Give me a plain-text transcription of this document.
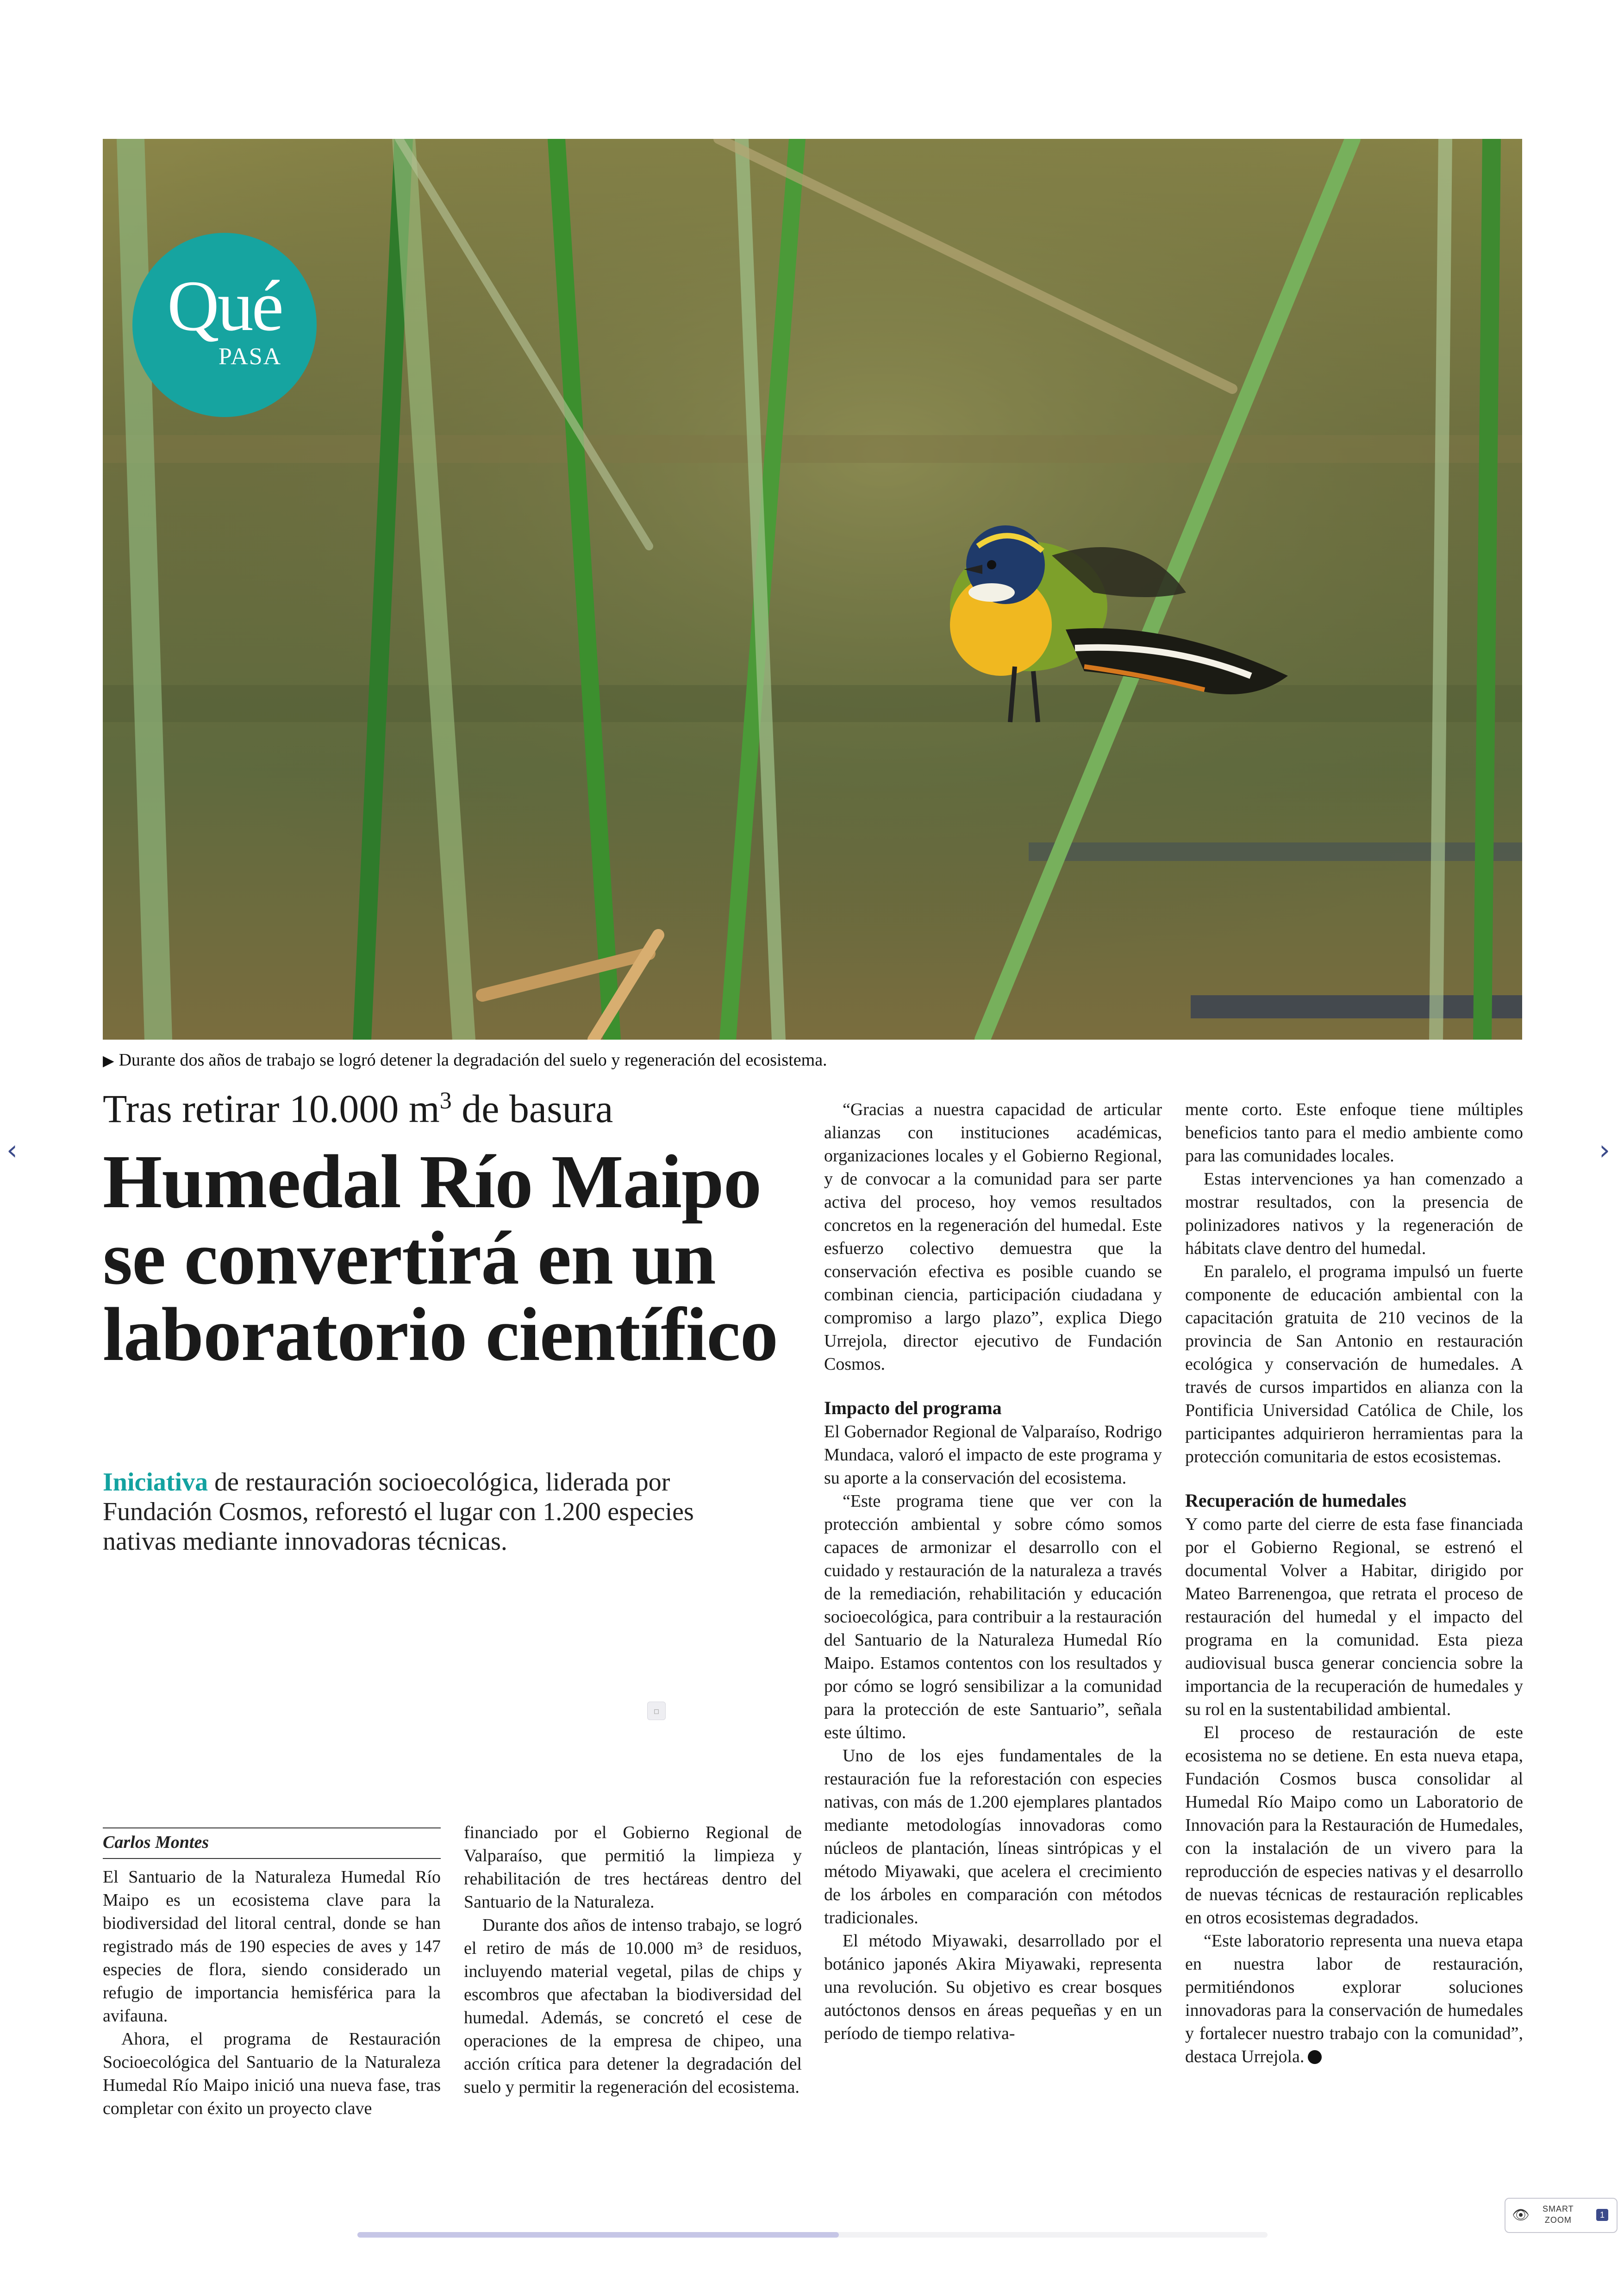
Qué
PASA
▶ Durante dos años de trabajo se logró detener la degradación del suelo y regeneración del ecosistema.
Tras retirar 10.000 $m^3$ de basura
Humedal Río Maipo se convertirá en un laboratorio científico
Iniciativa de restauración socioecológica, liderada por Fundación Cosmos, reforestó el lugar con 1.200 especies nativas mediante innovadoras técnicas.
▫
Carlos Montes

El Santuario de la Naturaleza Humedal Río Maipo es un ecosistema clave para la biodiversidad del litoral central, donde se han registrado más de 190 especies de aves y 147 especies de flora, siendo considerado un refugio de importancia hemisférica para la avifauna.

Ahora, el programa de Restauración Socioecológica del Santuario de la Naturaleza Humedal Río Maipo inició una nueva fase, tras completar con éxito un proyecto clave

financiado por el Gobierno Regional de Valparaíso, que permitió la limpieza y rehabilitación de tres hectáreas dentro del Santuario de la Naturaleza.

Durante dos años de intenso trabajo, se logró el retiro de más de 10.000 m³ de residuos, incluyendo material vegetal, pilas de chips y escombros que afectaban la biodiversidad del humedal. Además, se concretó el cese de operaciones de la empresa de chipeo, una acción crítica para detener la degradación del suelo y permitir la regeneración del ecosistema.

“Gracias a nuestra capacidad de articular alianzas con instituciones académicas, organizaciones locales y el Gobierno Regional, y de convocar a la comunidad para ser parte activa del proceso, hoy vemos resultados concretos en la regeneración del humedal. Este esfuerzo colectivo demuestra que la conservación efectiva es posible cuando se combinan ciencia, participación ciudadana y compromiso a largo plazo”, explica Diego Urrejola, director ejecutivo de Fundación Cosmos.

Impacto del programa

El Gobernador Regional de Valparaíso, Rodrigo Mundaca, valoró el impacto de este programa y su aporte a la conservación del ecosistema.

“Este programa tiene que ver con la protección ambiental y sobre cómo somos capaces de armonizar el desarrollo con el cuidado y restauración de la naturaleza a través de la remediación, rehabilitación y educación socioecológica, para contribuir a la restauración del Santuario de la Naturaleza Humedal Río Maipo. Estamos contentos con los resultados y por cómo se logró sensibilizar a la comunidad para la protección de este Santuario”, señala este último.

Uno de los ejes fundamentales de la restauración fue la reforestación con especies nativas, con más de 1.200 ejemplares plantados mediante metodologías innovadoras como núcleos de plantación, líneas sintrópicas y el método Miyawaki, que acelera el crecimiento de los árboles en comparación con métodos tradicionales.

El método Miyawaki, desarrollado por el botánico japonés Akira Miyawaki, representa una revolución. Su objetivo es crear bosques autóctonos densos en áreas pequeñas y en un período de tiempo relativa-

mente corto. Este enfoque tiene múltiples beneficios tanto para el medio ambiente como para las comunidades locales.

Estas intervenciones ya han comenzado a mostrar resultados, con la presencia de polinizadores nativos y la regeneración de hábitats clave dentro del humedal.

En paralelo, el programa impulsó un fuerte componente de educación ambiental con la capacitación gratuita de 210 vecinos de la provincia de San Antonio en restauración ecológica y conservación de humedales. A través de cursos impartidos en alianza con la Pontificia Universidad Católica de Chile, los participantes adquirieron herramientas para la protección comunitaria de estos ecosistemas.

Recuperación de humedales

Y como parte del cierre de esta fase financiada por el Gobierno Regional, se estrenó el documental Volver a Habitar, dirigido por Mateo Barrenengoa, que retrata el proceso de restauración del humedal y el impacto del programa en la comunidad. Esta pieza audiovisual busca generar conciencia sobre la importancia de la recuperación de humedales y su rol en la sustentabilidad ambiental.

El proceso de restauración de este ecosistema no se detiene. En esta nueva etapa, Fundación Cosmos busca consolidar al Humedal Río Maipo como un Laboratorio de Innovación para la Restauración de Humedales, con la instalación de un vivero para la reproducción de especies nativas y el desarrollo de nuevas técnicas de restauración replicables en otros ecosistemas degradados.

“Este laboratorio representa una nueva etapa en nuestra labor de restauración, permitiéndonos explorar soluciones innovadoras para la conservación de humedales y fortalecer nuestro trabajo con la comunidad”, destaca Urrejola.

‹	›
👁 SMART
ZOOM
1
